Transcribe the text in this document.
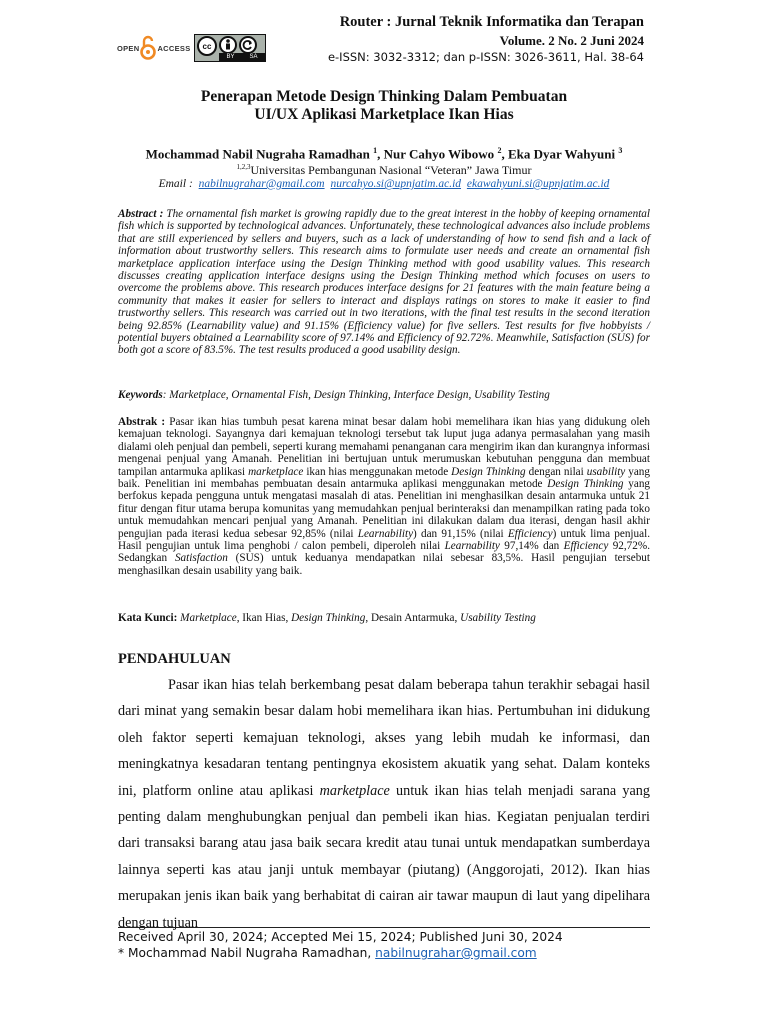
OPEN ACCESS	cc
BY SA
Router : Jurnal Teknik Informatika dan Terapan
Volume. 2 No. 2 Juni 2024
e-ISSN: 3032-3312; dan p-ISSN: 3026-3611, Hal. 38-64
Penerapan Metode Design Thinking Dalam Pembuatan
UI/UX Aplikasi Marketplace Ikan Hias
Mochammad Nabil Nugraha Ramadhan $^1$, Nur Cahyo Wibowo $^2$, Eka Dyar Wahyuni $^3$
$^{1,2,3}$Universitas Pembangunan Nasional “Veteran” Jawa Timur
Email : nabilnugrahar@gmail.com nurcahyo.si@upnjatim.ac.id ekawahyuni.si@upnjatim.ac.id
Abstract : The ornamental fish market is growing rapidly due to the great interest in the hobby of keeping ornamental fish which is supported by technological advances. Unfortunately, these technological advances also include problems that are still experienced by sellers and buyers, such as a lack of understanding of how to send fish and a lack of information about trustworthy sellers. This research aims to formulate user needs and create an ornamental fish marketplace application interface using the Design Thinking method with good usability values. This research discusses creating application interface designs using the Design Thinking method which focuses on users to overcome the problems above. This research produces interface designs for 21 features with the main feature being a community that makes it easier for sellers to interact and displays ratings on stores to make it easier to find trustworthy sellers. This research was carried out in two iterations, with the final test results in the second iteration being 92.85% (Learnability value) and 91.15% (Efficiency value) for five sellers. Test results for five hobbyists / potential buyers obtained a Learnability score of 97.14% and Efficiency of 92.72%. Meanwhile, Satisfaction (SUS) for both got a score of 83.5%. The test results produced a good usability design.
Keywords: Marketplace, Ornamental Fish, Design Thinking, Interface Design, Usability Testing
Abstrak : Pasar ikan hias tumbuh pesat karena minat besar dalam hobi memelihara ikan hias yang didukung oleh kemajuan teknologi. Sayangnya dari kemajuan teknologi tersebut tak luput juga adanya permasalahan yang masih dialami oleh penjual dan pembeli, seperti kurang memahami penanganan cara mengirim ikan dan kurangnya informasi mengenai penjual yang Amanah. Penelitian ini bertujuan untuk merumuskan kebutuhan pengguna dan membuat tampilan antarmuka aplikasi marketplace ikan hias menggunakan metode Design Thinking dengan nilai usability yang baik. Penelitian ini membahas pembuatan desain antarmuka aplikasi menggunakan metode Design Thinking yang berfokus kepada pengguna untuk mengatasi masalah di atas. Penelitian ini menghasilkan desain antarmuka untuk 21 fitur dengan fitur utama berupa komunitas yang memudahkan penjual berinteraksi dan menampilkan rating pada toko untuk memudahkan mencari penjual yang Amanah. Penelitian ini dilakukan dalam dua iterasi, dengan hasil akhir pengujian pada iterasi kedua sebesar 92,85% (nilai Learnability) dan 91,15% (nilai Efficiency) untuk lima penjual. Hasil pengujian untuk lima penghobi / calon pembeli, diperoleh nilai Learnability 97,14% dan Efficiency 92,72%. Sedangkan Satisfaction (SUS) untuk keduanya mendapatkan nilai sebesar 83,5%. Hasil pengujian tersebut menghasilkan desain usability yang baik.
Kata Kunci: Marketplace, Ikan Hias, Design Thinking, Desain Antarmuka, Usability Testing
PENDAHULUAN
Pasar ikan hias telah berkembang pesat dalam beberapa tahun terakhir sebagai hasil dari minat yang semakin besar dalam hobi memelihara ikan hias. Pertumbuhan ini didukung oleh faktor seperti kemajuan teknologi, akses yang lebih mudah ke informasi, dan meningkatnya kesadaran tentang pentingnya ekosistem akuatik yang sehat. Dalam konteks ini, platform online atau aplikasi marketplace untuk ikan hias telah menjadi sarana yang penting dalam menghubungkan penjual dan pembeli ikan hias. Kegiatan penjualan terdiri dari transaksi barang atau jasa baik secara kredit atau tunai untuk mendapatkan sumberdaya lainnya seperti kas atau janji untuk membayar (piutang) (Anggorojati, 2012). Ikan hias merupakan jenis ikan baik yang berhabitat di cairan air tawar maupun di laut yang dipelihara dengan tujuan
Received April 30, 2024; Accepted Mei 15, 2024; Published Juni 30, 2024
* Mochammad Nabil Nugraha Ramadhan, nabilnugrahar@gmail.com
